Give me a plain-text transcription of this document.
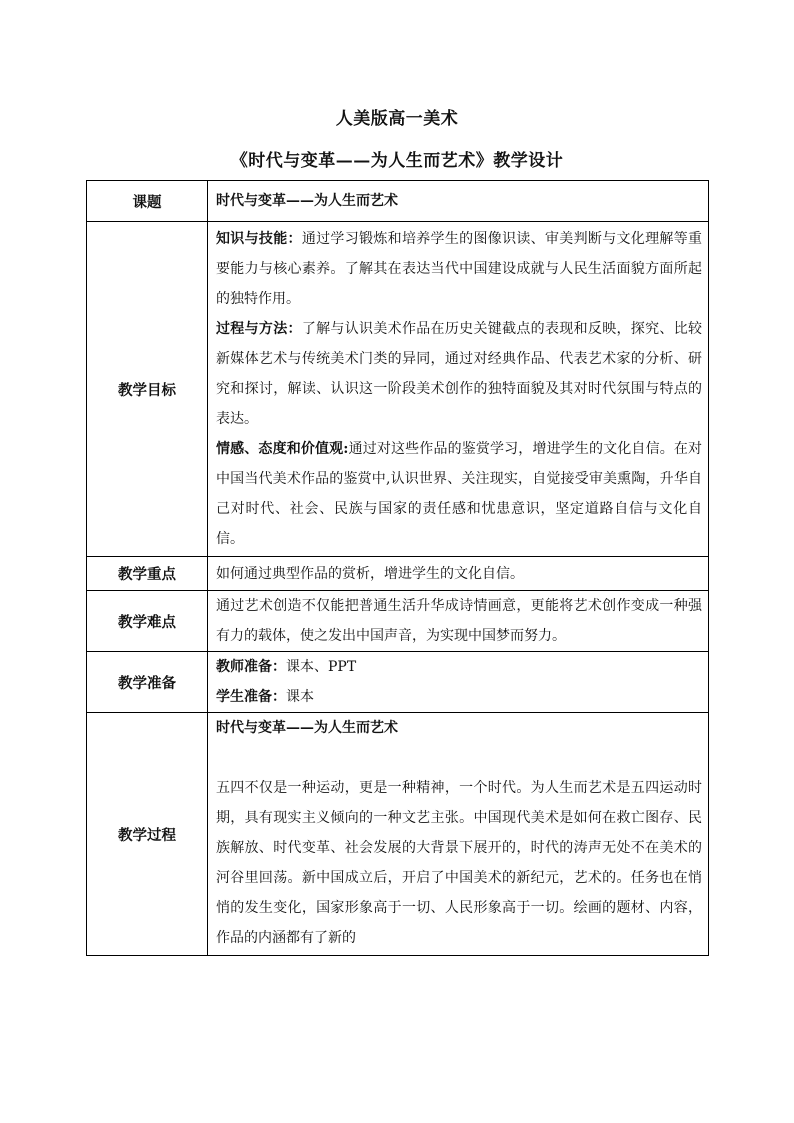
人美版高一美术
《时代与变革——为人生而艺术》教学设计
课题	时代与变革——为人生而艺术
教学目标	知识与技能：通过学习锻炼和培养学生的图像识读、审美判断与文化理解等重要能力与核心素养。了解其在表达当代中国建设成就与人民生活面貌方面所起的独特作用。
过程与方法：了解与认识美术作品在历史关键截点的表现和反映，探究、比较新媒体艺术与传统美术门类的异同，通过对经典作品、代表艺术家的分析、研究和探讨，解读、认识这一阶段美术创作的独特面貌及其对时代氛围与特点的表达。
情感、态度和价值观:通过对这些作品的鉴赏学习，增进学生的文化自信。在对中国当代美术作品的鉴赏中,认识世界、关注现实，自觉接受审美熏陶，升华自己对时代、社会、民族与国家的责任感和忧患意识，坚定道路自信与文化自信。

教学重点	如何通过典型作品的赏析，增进学生的文化自信。
教学难点	通过艺术创造不仅能把普通生活升华成诗情画意，更能将艺术创作变成一种强有力的载体，使之发出中国声音，为实现中国梦而努力。
教学准备	教师准备：课本、PPT
学生准备：课本

教学过程	时代与变革——为人生而艺术
五四不仅是一种运动，更是一种精神，一个时代。为人生而艺术是五四运动时期，具有现实主义倾向的一种文艺主张。中国现代美术是如何在救亡图存、民族解放、时代变革、社会发展的大背景下展开的，时代的涛声无处不在美术的河谷里回荡。新中国成立后，开启了中国美术的新纪元，艺术的。任务也在悄悄的发生变化，国家形象高于一切、人民形象高于一切。绘画的题材、内容，作品的内涵都有了新的
